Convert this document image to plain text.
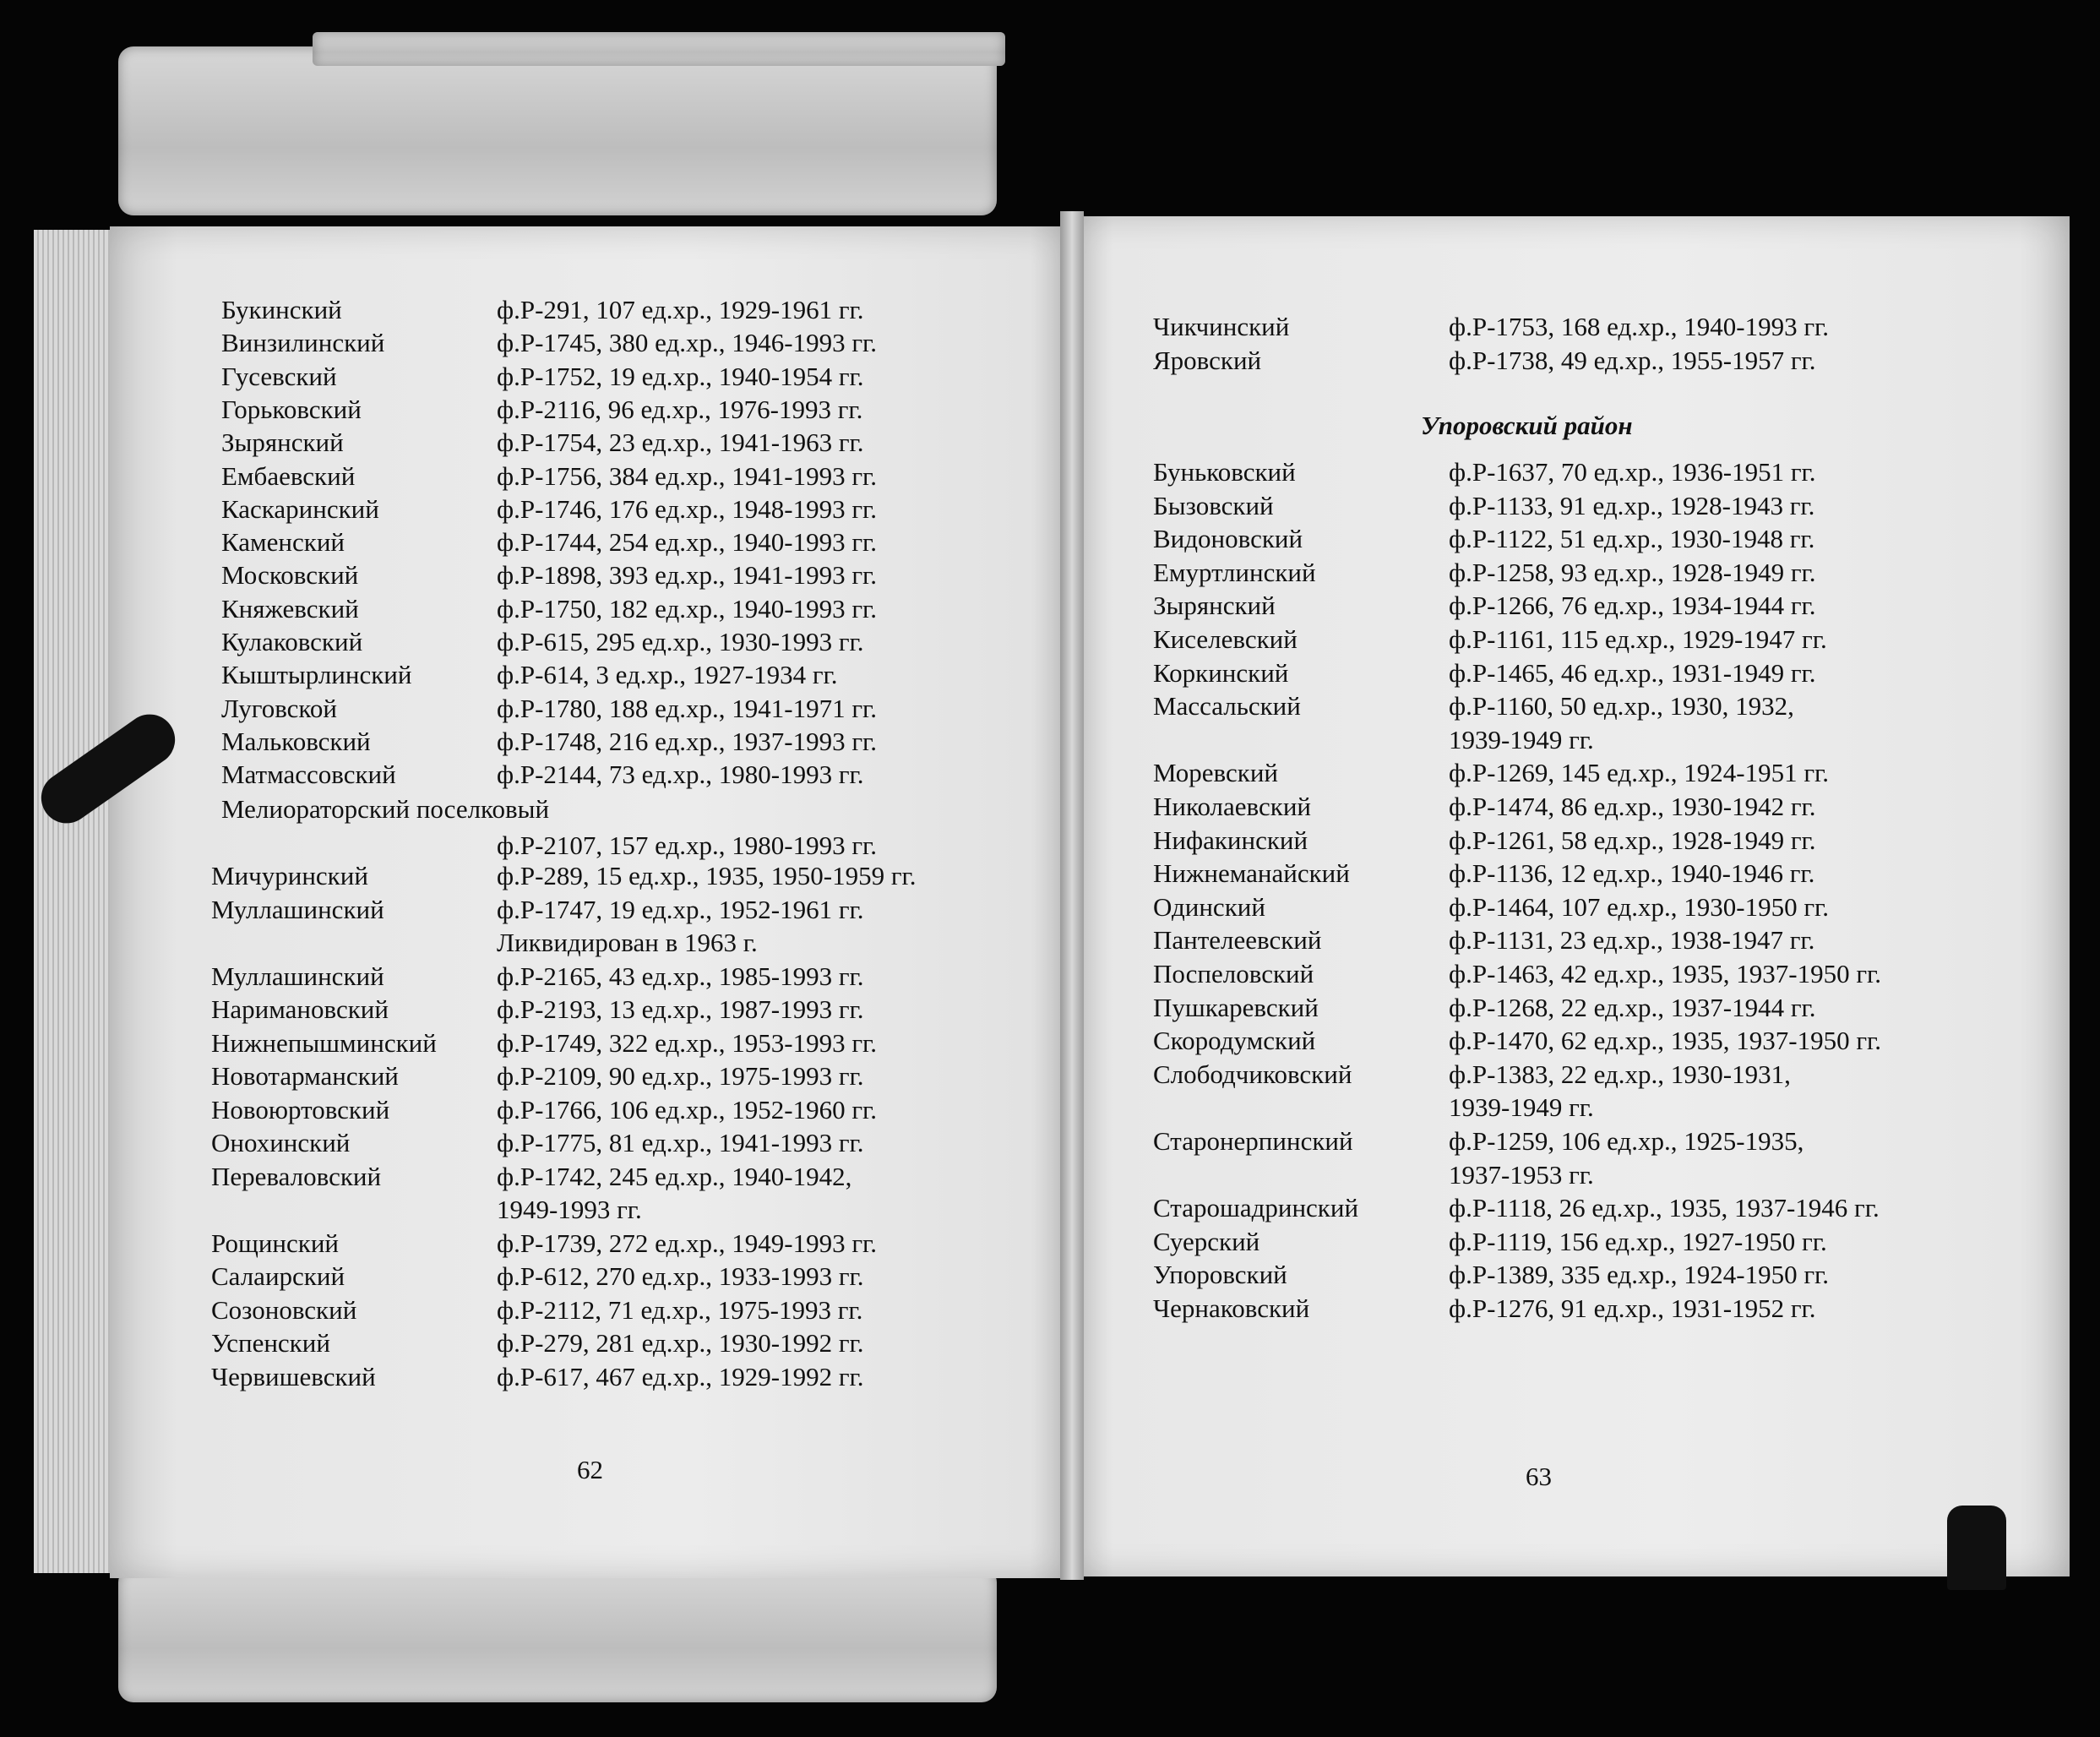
Букинский	ф.Р-291, 107 ед.хр., 1929-1961 гг.
Винзилинский	ф.Р-1745, 380 ед.хр., 1946-1993 гг.
Гусевский	ф.Р-1752, 19 ед.хр., 1940-1954 гг.
Горьковский	ф.Р-2116, 96 ед.хр., 1976-1993 гг.
Зырянский	ф.Р-1754, 23 ед.хр., 1941-1963 гг.
Ембаевский	ф.Р-1756, 384 ед.хр., 1941-1993 гг.
Каскаринский	ф.Р-1746, 176 ед.хр., 1948-1993 гг.
Каменский	ф.Р-1744, 254 ед.хр., 1940-1993 гг.
Московский	ф.Р-1898, 393 ед.хр., 1941-1993 гг.
Княжевский	ф.Р-1750, 182 ед.хр., 1940-1993 гг.
Кулаковский	ф.Р-615, 295 ед.хр., 1930-1993 гг.
Кыштырлинский	ф.Р-614, 3 ед.хр., 1927-1934 гг.
Луговской	ф.Р-1780, 188 ед.хр., 1941-1971 гг.
Мальковский	ф.Р-1748, 216 ед.хр., 1937-1993 гг.
Матмассовский	ф.Р-2144, 73 ед.хр., 1980-1993 гг.
Мелиораторский поселковый
ф.Р-2107, 157 ед.хр., 1980-1993 гг.
Мичуринский	ф.Р-289, 15 ед.хр., 1935, 1950-1959 гг.
Муллашинский	ф.Р-1747, 19 ед.хр., 1952-1961 гг.
Ликвидирован в 1963 г.
Муллашинский	ф.Р-2165, 43 ед.хр., 1985-1993 гг.
Наримановский	ф.Р-2193, 13 ед.хр., 1987-1993 гг.
Нижнепышминский ф.Р-1749, 322 ед.хр., 1953-1993 гг.
Новотарманский	ф.Р-2109, 90 ед.хр., 1975-1993 гг.
Новоюртовский	ф.Р-1766, 106 ед.хр., 1952-1960 гг.
Онохинский	ф.Р-1775, 81 ед.хр., 1941-1993 гг.
Переваловский	ф.Р-1742, 245 ед.хр., 1940-1942,
1949-1993 гг.
Рощинский	ф.Р-1739, 272 ед.хр., 1949-1993 гг.
Салаирский	ф.Р-612, 270 ед.хр., 1933-1993 гг.
Созоновский	ф.Р-2112, 71 ед.хр., 1975-1993 гг.
Успенский	ф.Р-279, 281 ед.хр., 1930-1992 гг.
Червишевский	ф.Р-617, 467 ед.хр., 1929-1992 гг.
62
Чикчинский	ф.Р-1753, 168 ед.хр., 1940-1993 гг.
Яровский	ф.Р-1738, 49 ед.хр., 1955-1957 гг.
Упоровский район
Буньковский	ф.Р-1637, 70 ед.хр., 1936-1951 гг.
Бызовский	ф.Р-1133, 91 ед.хр., 1928-1943 гг.
Видоновский	ф.Р-1122, 51 ед.хр., 1930-1948 гг.
Емуртлинский	ф.Р-1258, 93 ед.хр., 1928-1949 гг.
Зырянский	ф.Р-1266, 76 ед.хр., 1934-1944 гг.
Киселевский	ф.Р-1161, 115 ед.хр., 1929-1947 гг.
Коркинский	ф.Р-1465, 46 ед.хр., 1931-1949 гг.
Массальский	ф.Р-1160, 50 ед.хр., 1930, 1932,
1939-1949 гг.
Моревский	ф.Р-1269, 145 ед.хр., 1924-1951 гг.
Николаевский	ф.Р-1474, 86 ед.хр., 1930-1942 гг.
Нифакинский	ф.Р-1261, 58 ед.хр., 1928-1949 гг.
Нижнеманайский	ф.Р-1136, 12 ед.хр., 1940-1946 гг.
Одинский	ф.Р-1464, 107 ед.хр., 1930-1950 гг.
Пантелеевский	ф.Р-1131, 23 ед.хр., 1938-1947 гг.
Поспеловский	ф.Р-1463, 42 ед.хр., 1935, 1937-1950 гг.
Пушкаревский	ф.Р-1268, 22 ед.хр., 1937-1944 гг.
Скородумский	ф.Р-1470, 62 ед.хр., 1935, 1937-1950 гг.
Слободчиковский	ф.Р-1383, 22 ед.хр., 1930-1931,
1939-1949 гг.
Старонерпинский	ф.Р-1259, 106 ед.хр., 1925-1935,
1937-1953 гг.
Старошадринский	ф.Р-1118, 26 ед.хр., 1935, 1937-1946 гг.
Суерский	ф.Р-1119, 156 ед.хр., 1927-1950 гг.
Упоровский	ф.Р-1389, 335 ед.хр., 1924-1950 гг.
Чернаковский	ф.Р-1276, 91 ед.хр., 1931-1952 гг.
63
